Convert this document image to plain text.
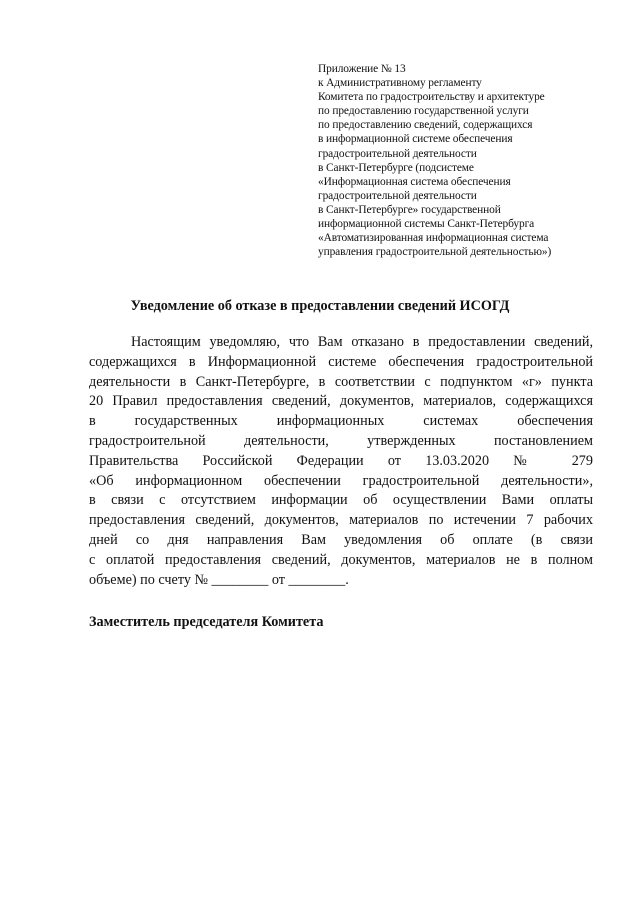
Приложение № 13
к Административному регламенту
Комитета по градостроительству и архитектуре
по предоставлению государственной услуги
по предоставлению сведений, содержащихся
в информационной системе обеспечения
градостроительной деятельности
в Санкт-Петербурге (подсистеме
«Информационная система обеспечения
градостроительной деятельности
в Санкт-Петербурге» государственной
информационной системы Санкт-Петербурга
«Автоматизированная информационная система
управления градостроительной деятельностью»)
Уведомление об отказе в предоставлении сведений ИСОГД
Настоящим уведомляю, что Вам отказано в предоставлении сведений,
содержащихся в Информационной системе обеспечения градостроительной
деятельности в Санкт-Петербурге, в соответствии с подпунктом «г» пункта
20 Правил предоставления сведений, документов, материалов, содержащихся
в государственных информационных системах обеспечения
градостроительной деятельности, утвержденных постановлением
Правительства Российской Федерации от 13.03.2020 № 279
«Об информационном обеспечении градостроительной деятельности»,
в связи с отсутствием информации об осуществлении Вами оплаты
предоставления сведений, документов, материалов по истечении 7 рабочих
дней со дня направления Вам уведомления об оплате (в связи
с оплатой предоставления сведений, документов, материалов не в полном
объеме) по счету № ________ от ________.
Заместитель председателя Комитета
